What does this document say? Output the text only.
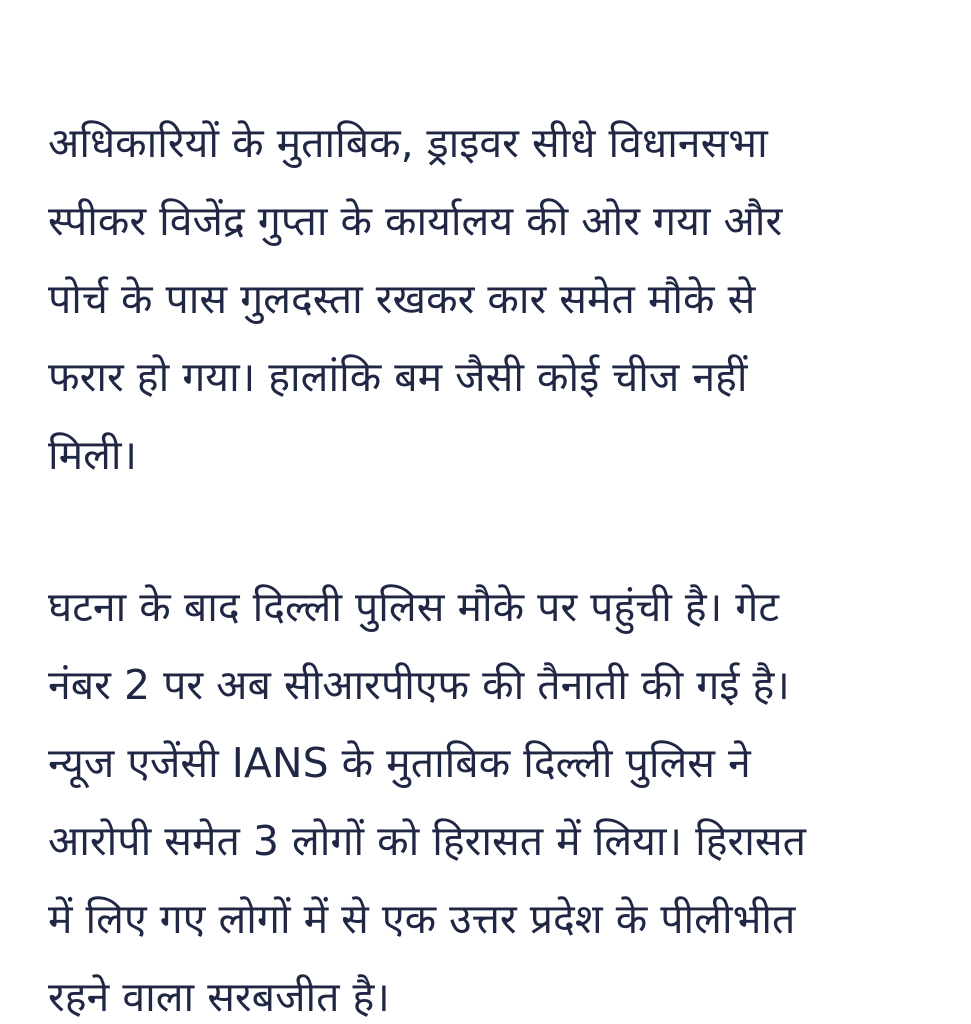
अधिकारियों के मुताबिक, ड्राइवर सीधे विधानसभा
स्पीकर विजेंद्र गुप्ता के कार्यालय की ओर गया और
पोर्च के पास गुलदस्ता रखकर कार समेत मौके से
फरार हो गया। हालांकि बम जैसी कोई चीज नहीं
मिली।

घटना के बाद दिल्ली पुलिस मौके पर पहुंची है। गेट
नंबर 2 पर अब सीआरपीएफ की तैनाती की गई है।
न्यूज एजेंसी IANS के मुताबिक दिल्ली पुलिस ने
आरोपी समेत 3 लोगों को हिरासत में लिया। हिरासत
में लिए गए लोगों में से एक उत्तर प्रदेश के पीलीभीत
रहने वाला सरबजीत है।
